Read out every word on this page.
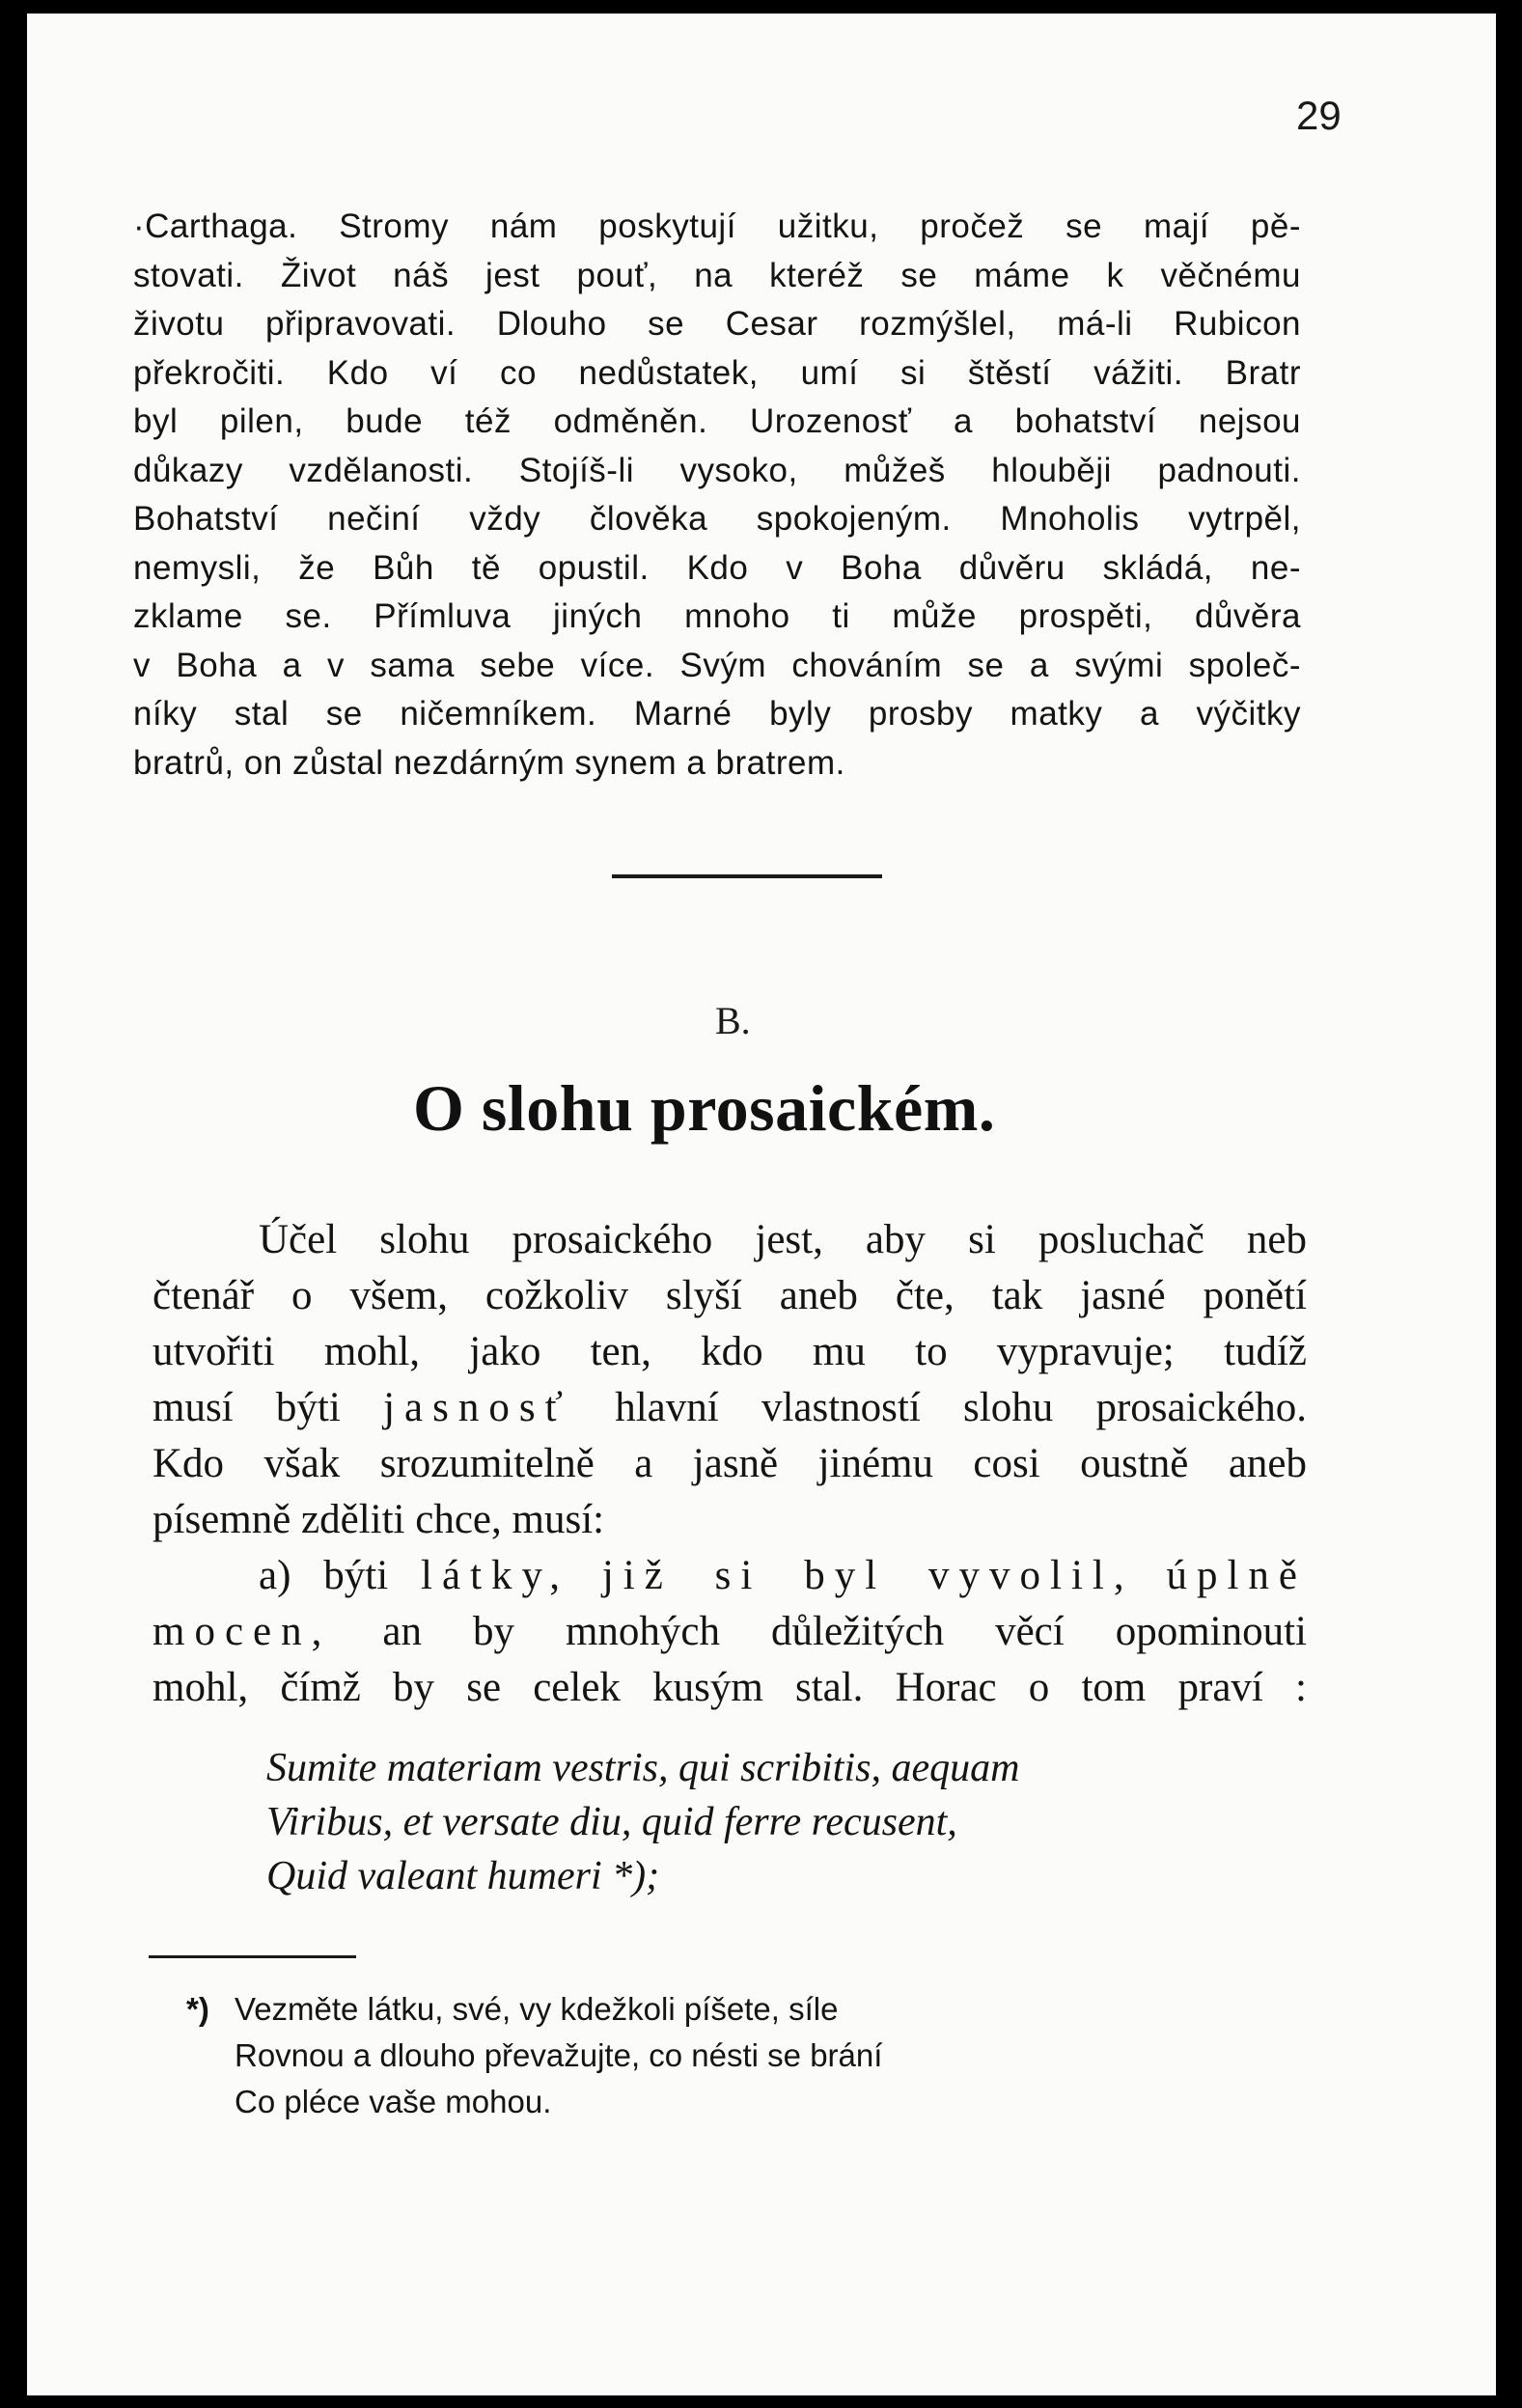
29
·Carthaga. Stromy nám poskytují užitku, pročež se mají pě-
stovati. Život náš jest pouť, na kteréž se máme k věčnému
životu připravovati. Dlouho se Cesar rozmýšlel, má-li Rubicon
překročiti. Kdo ví co nedůstatek, umí si štěstí vážiti. Bratr
byl pilen, bude též odměněn. Urozenosť a bohatství nejsou
důkazy vzdělanosti. Stojíš-li vysoko, můžeš hlouběji padnouti.
Bohatství nečiní vždy člověka spokojeným. Mnoholis vytrpěl,
nemysli, že Bůh tě opustil. Kdo v Boha důvěru skládá, ne-
zklame se. Přímluva jiných mnoho ti může prospěti, důvěra
v Boha a v sama sebe více. Svým chováním se a svými společ-
níky stal se ničemníkem. Marné byly prosby matky a výčitky
bratrů, on zůstal nezdárným synem a bratrem.
B.
O slohu prosaickém.
Účel slohu prosaického jest, aby si posluchač neb
čtenář o všem, cožkoliv slyší aneb čte, tak jasné ponětí
utvořiti mohl, jako ten, kdo mu to vypravuje; tudíž
musí býti jasnosť hlavní vlastností slohu prosaického.
Kdo však srozumitelně a jasně jinému cosi oustně aneb
písemně zděliti chce, musí:
a) býti látky, již si byl vyvolil, úplně
mocen, an by mnohých důležitých věcí opominouti
mohl, čímž by se celek kusým stal. Horac o tom praví :
Sumite materiam vestris, qui scribitis, aequam
Viribus, et versate diu, quid ferre recusent,
Quid valeant humeri *);
*) Vezměte látku, své, vy kdežkoli píšete, síle
Rovnou a dlouho převažujte, co nésti se brání
Co pléce vaše mohou.
